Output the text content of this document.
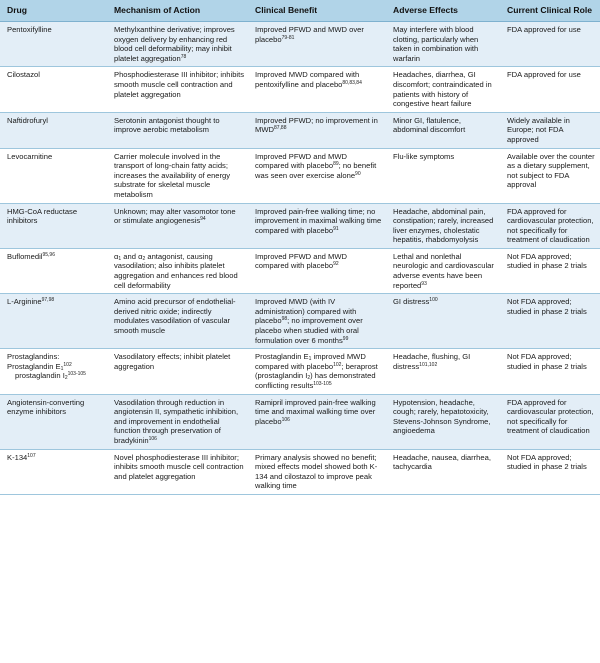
Drug	Mechanism of Action	Clinical Benefit	Adverse Effects	Current Clinical Role
Pentoxifylline	Methylxanthine derivative; improves oxygen delivery by enhancing red blood cell deformability; may inhibit platelet aggregation$^{78}$	Improved PFWD and MWD over placebo$^{79-81}$	May interfere with blood clotting, particularly when taken in combination with warfarin	FDA approved for use
Cilostazol	Phosphodiesterase III inhibitor; inhibits smooth muscle cell contraction and platelet aggregation	Improved MWD compared with pentoxifylline and placebo$^{80,83,84}$	Headaches, diarrhea, GI discomfort; contraindicated in patients with history of congestive heart failure	FDA approved for use
Naftidrofuryl	Serotonin antagonist thought to improve aerobic metabolism	Improved PFWD; no improvement in MWD$^{87,88}$	Minor GI, flatulence, abdominal discomfort	Widely available in Europe; not FDA approved
Levocarnitine	Carrier molecule involved in the transport of long-chain fatty acids; increases the availability of energy substrate for skeletal muscle metabolism	Improved PFWD and MWD compared with placebo$^{89}$; no benefit was seen over exercise alone$^{90}$	Flu-like symptoms	Available over the counter as a dietary supplement, not subject to FDA approval
HMG-CoA reductase inhibitors	Unknown; may alter vasomotor tone or stimulate angiogenesis$^{94}$	Improved pain-free walking time; no improvement in maximal walking time compared with placebo$^{91}$	Headache, abdominal pain, constipation; rarely, increased liver enzymes, cholestatic hepatitis, rhabdomyolysis	FDA approved for cardiovascular protection, not specifically for treatment of claudication
Buflomedil$^{95,96}$	$\alpha_1$ and $\alpha_2$ antagonist, causing vasodilation; also inhibits platelet aggregation and enhances red blood cell deformability	Improved PFWD and MWD compared with placebo$^{92}$	Lethal and nonlethal neurologic and cardiovascular adverse events have been reported$^{93}$	Not FDA approved; studied in phase 2 trials
L-Arginine$^{97,98}$	Amino acid precursor of endothelial-derived nitric oxide; indirectly modulates vasodilation of vascular smooth muscle	Improved MWD (with IV administration) compared with placebo$^{98}$; no improvement over placebo when studied with oral formulation over 6 months$^{99}$	GI distress$^{100}$	Not FDA approved; studied in phase 2 trials
Prostaglandins:
Prostaglandin $E_1^{102}$
prostaglandin $I_2^{103-105}$	Vasodilatory effects; inhibit platelet aggregation	Prostaglandin $E_1$ improved MWD compared with placebo$^{102}$; beraprost (prostaglandin $I_2$) has demonstrated conflicting results$^{103-105}$	Headache, flushing, GI distress$^{101,102}$	Not FDA approved; studied in phase 2 trials
Angiotensin-converting enzyme inhibitors	Vasodilation through reduction in angiotensin II, sympathetic inhibition, and improvement in endothelial function through preservation of bradykinin$^{106}$	Ramipril improved pain-free walking time and maximal walking time over placebo$^{106}$	Hypotension, headache, cough; rarely, hepatotoxicity, Stevens-Johnson Syndrome, angioedema	FDA approved for cardiovascular protection, not specifically for treatment of claudication
$K-134^{107}$	Novel phosphodiesterase III inhibitor; inhibits smooth muscle cell contraction and platelet aggregation	Primary analysis showed no benefit; mixed effects model showed both K-134 and cilostazol to improve peak walking time	Headache, nausea, diarrhea, tachycardia	Not FDA approved; studied in phase 2 trials
